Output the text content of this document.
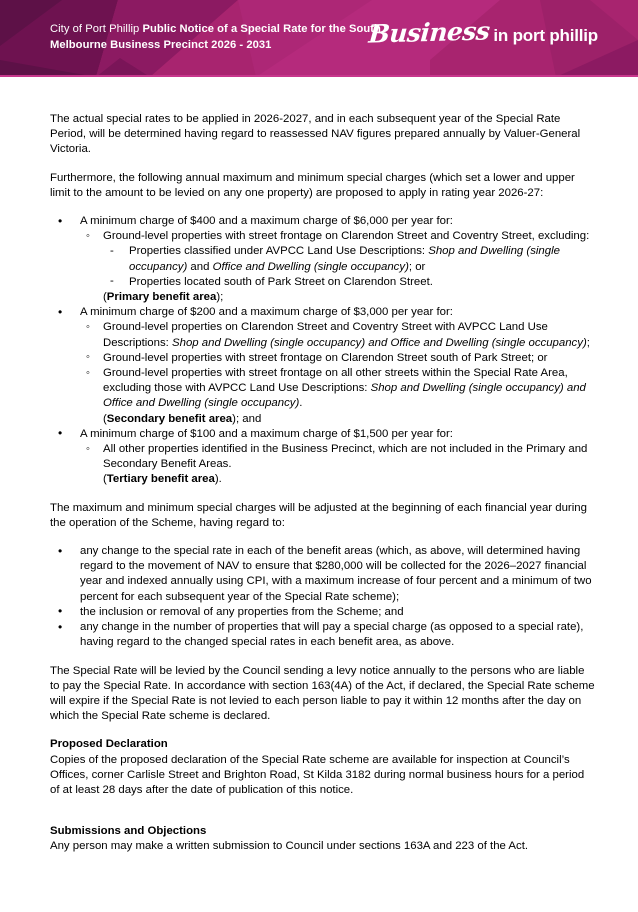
City of Port Phillip Public Notice of a Special Rate for the South Melbourne Business Precinct 2026 - 2031	Business in port phillip

The actual special rates to be applied in 2026-2027, and in each subsequent year of the Special Rate Period, will be determined having regard to reassessed NAV figures prepared annually by Valuer-General Victoria.

Furthermore, the following annual maximum and minimum special charges (which set a lower and upper limit to the amount to be levied on any one property) are proposed to apply in rating year 2026-27:

• A minimum charge of $400 and a maximum charge of $6,000 per year for:
◦ Ground-level properties with street frontage on Clarendon Street and Coventry Street, excluding:
- Properties classified under AVPCC Land Use Descriptions: Shop and Dwelling (single occupancy) and Office and Dwelling (single occupancy); or
- Properties located south of Park Street on Clarendon Street.
(Primary benefit area);
• A minimum charge of $200 and a maximum charge of $3,000 per year for:
◦ Ground-level properties on Clarendon Street and Coventry Street with AVPCC Land Use Descriptions: Shop and Dwelling (single occupancy) and Office and Dwelling (single occupancy);
◦ Ground-level properties with street frontage on Clarendon Street south of Park Street; or
◦ Ground-level properties with street frontage on all other streets within the Special Rate Area, excluding those with AVPCC Land Use Descriptions: Shop and Dwelling (single occupancy) and Office and Dwelling (single occupancy).
(Secondary benefit area); and
• A minimum charge of $100 and a maximum charge of $1,500 per year for:
◦ All other properties identified in the Business Precinct, which are not included in the Primary and Secondary Benefit Areas.
(Tertiary benefit area).

The maximum and minimum special charges will be adjusted at the beginning of each financial year during the operation of the Scheme, having regard to:

• any change to the special rate in each of the benefit areas (which, as above, will determined having regard to the movement of NAV to ensure that $280,000 will be collected for the 2026–2027 financial year and indexed annually using CPI, with a maximum increase of four percent and a minimum of two percent for each subsequent year of the Special Rate scheme);
• the inclusion or removal of any properties from the Scheme; and
• any change in the number of properties that will pay a special charge (as opposed to a special rate), having regard to the changed special rates in each benefit area, as above.

The Special Rate will be levied by the Council sending a levy notice annually to the persons who are liable to pay the Special Rate. In accordance with section 163(4A) of the Act, if declared, the Special Rate scheme will expire if the Special Rate is not levied to each person liable to pay it within 12 months after the day on which the Special Rate scheme is declared.

Proposed Declaration

Copies of the proposed declaration of the Special Rate scheme are available for inspection at Council’s Offices, corner Carlisle Street and Brighton Road, St Kilda 3182 during normal business hours for a period of at least 28 days after the date of publication of this notice.

Submissions and Objections

Any person may make a written submission to Council under sections 163A and 223 of the Act.
